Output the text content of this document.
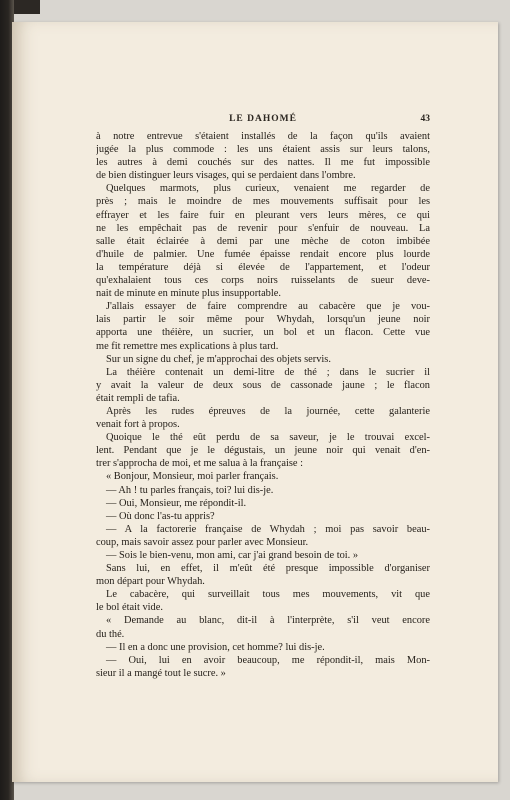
LE DAHOMÉ	43
à notre entrevue s'étaient installés de la façon qu'ils avaient
jugée la plus commode : les uns étaient assis sur leurs talons,
les autres à demi couchés sur des nattes. Il me fut impossible
de bien distinguer leurs visages, qui se perdaient dans l'ombre.
Quelques marmots, plus curieux, venaient me regarder de
près ; mais le moindre de mes mouvements suffisait pour les
effrayer et les faire fuir en pleurant vers leurs mères, ce qui
ne les empêchait pas de revenir pour s'enfuir de nouveau. La
salle était éclairée à demi par une mèche de coton imbibée
d'huile de palmier. Une fumée épaisse rendait encore plus lourde
la température déjà si élevée de l'appartement, et l'odeur
qu'exhalaient tous ces corps noirs ruisselants de sueur deve-
nait de minute en minute plus insupportable.
J'allais essayer de faire comprendre au cabacère que je vou-
lais partir le soir même pour Whydah, lorsqu'un jeune noir
apporta une théière, un sucrier, un bol et un flacon. Cette vue
me fit remettre mes explications à plus tard.
Sur un signe du chef, je m'approchai des objets servis.
La théière contenait un demi-litre de thé ; dans le sucrier il
y avait la valeur de deux sous de cassonade jaune ; le flacon
était rempli de tafia.
Après les rudes épreuves de la journée, cette galanterie
venait fort à propos.
Quoique le thé eût perdu de sa saveur, je le trouvai excel-
lent. Pendant que je le dégustais, un jeune noir qui venait d'en-
trer s'approcha de moi, et me salua à la française :
« Bonjour, Monsieur, moi parler français.
— Ah ! tu parles français, toi? lui dis-je.
— Oui, Monsieur, me répondit-il.
— Où donc l'as-tu appris?
— A la factorerie française de Whydah ; moi pas savoir beau-
coup, mais savoir assez pour parler avec Monsieur.
— Sois le bien-venu, mon ami, car j'ai grand besoin de toi. »
Sans lui, en effet, il m'eût été presque impossible d'organiser
mon départ pour Whydah.
Le cabacère, qui surveillait tous mes mouvements, vit que
le bol était vide.
« Demande au blanc, dit-il à l'interprète, s'il veut encore
du thé.
— Il en a donc une provision, cet homme? lui dis-je.
— Oui, lui en avoir beaucoup, me répondit-il, mais Mon-
sieur il a mangé tout le sucre. »
